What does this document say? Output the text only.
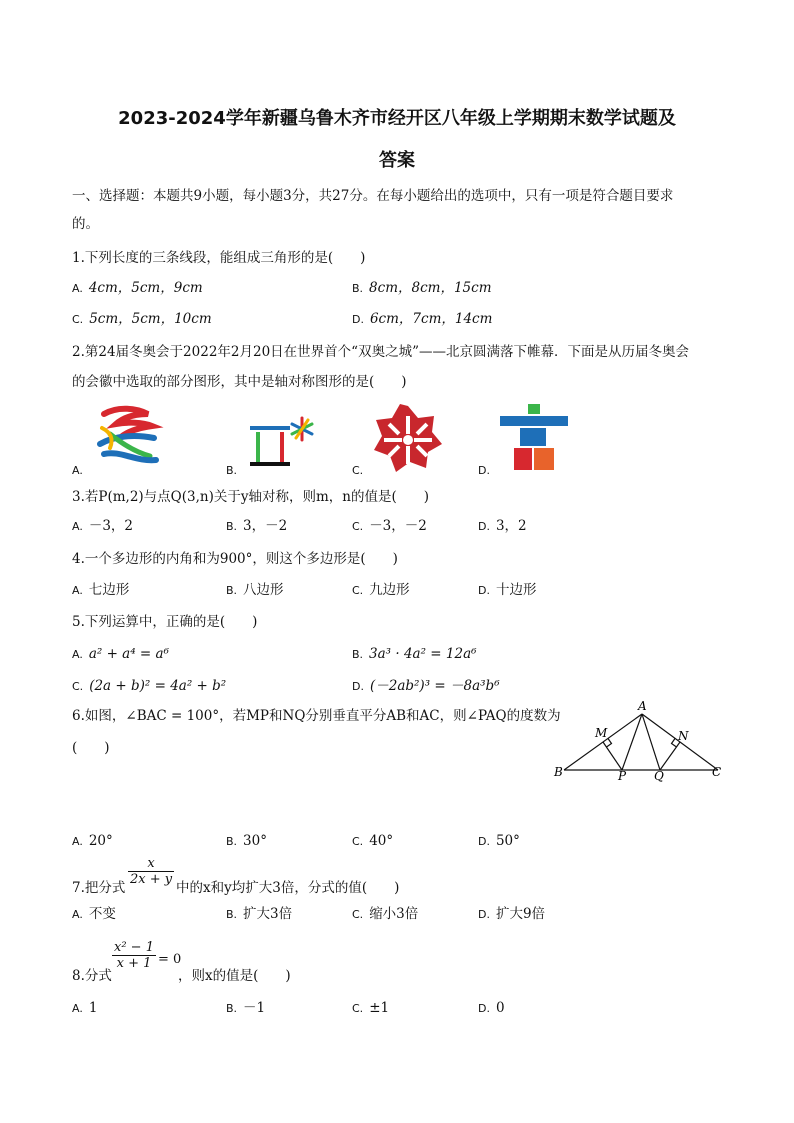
2023-2024学年新疆乌鲁木齐市经开区八年级上学期期末数学试题及
答案
一、选择题：本题共9小题，每小题3分，共27分。在每小题给出的选项中，只有一项是符合题目要求
的。
1.下列长度的三条线段，能组成三角形的是(　　)
A. 4cm，5cm，9cm	B. 8cm，8cm，15cm
C. 5cm，5cm，10cm	D. 6cm，7cm，14cm
2.第24届冬奥会于2022年2月20日在世界首个“双奥之城”——北京圆满落下帷幕．下面是从历届冬奥会
的会徽中选取的部分图形，其中是轴对称图形的是(　　)
A.	B.	C.	D.
3.若P(m,2)与点Q(3,n)关于y轴对称，则m，n的值是(　　)
A. －3，2	B. 3，－2	C. －3，－2	D. 3，2
4.一个多边形的内角和为900°，则这个多边形是(　　)
A. 七边形	B. 八边形	C. 九边形	D. 十边形
5.下列运算中，正确的是(　　)
A. a² + a⁴ = a⁶	B. 3a³ · 4a² = 12a⁶
C. (2a + b)² = 4a² + b²	D. (－2ab²)³ = －8a³b⁶
6.如图，∠BAC = 100°，若MP和NQ分别垂直平分AB和AC，则∠PAQ的度数为
(　　)
A
B	C
M	N
P Q
A. 20°	B. 30°	C. 40°	D. 50°
$\frac{x}{2x + y}$
7.把分式	中的x和y均扩大3倍，分式的值(　　)
A. 不变	B. 扩大3倍	C. 缩小3倍	D. 扩大9倍
$\frac{\text{x² − 1}}{x + 1} = 0$
8.分式	，则x的值是(　　)
A. 1	B. －1	C. ±1	D. 0
